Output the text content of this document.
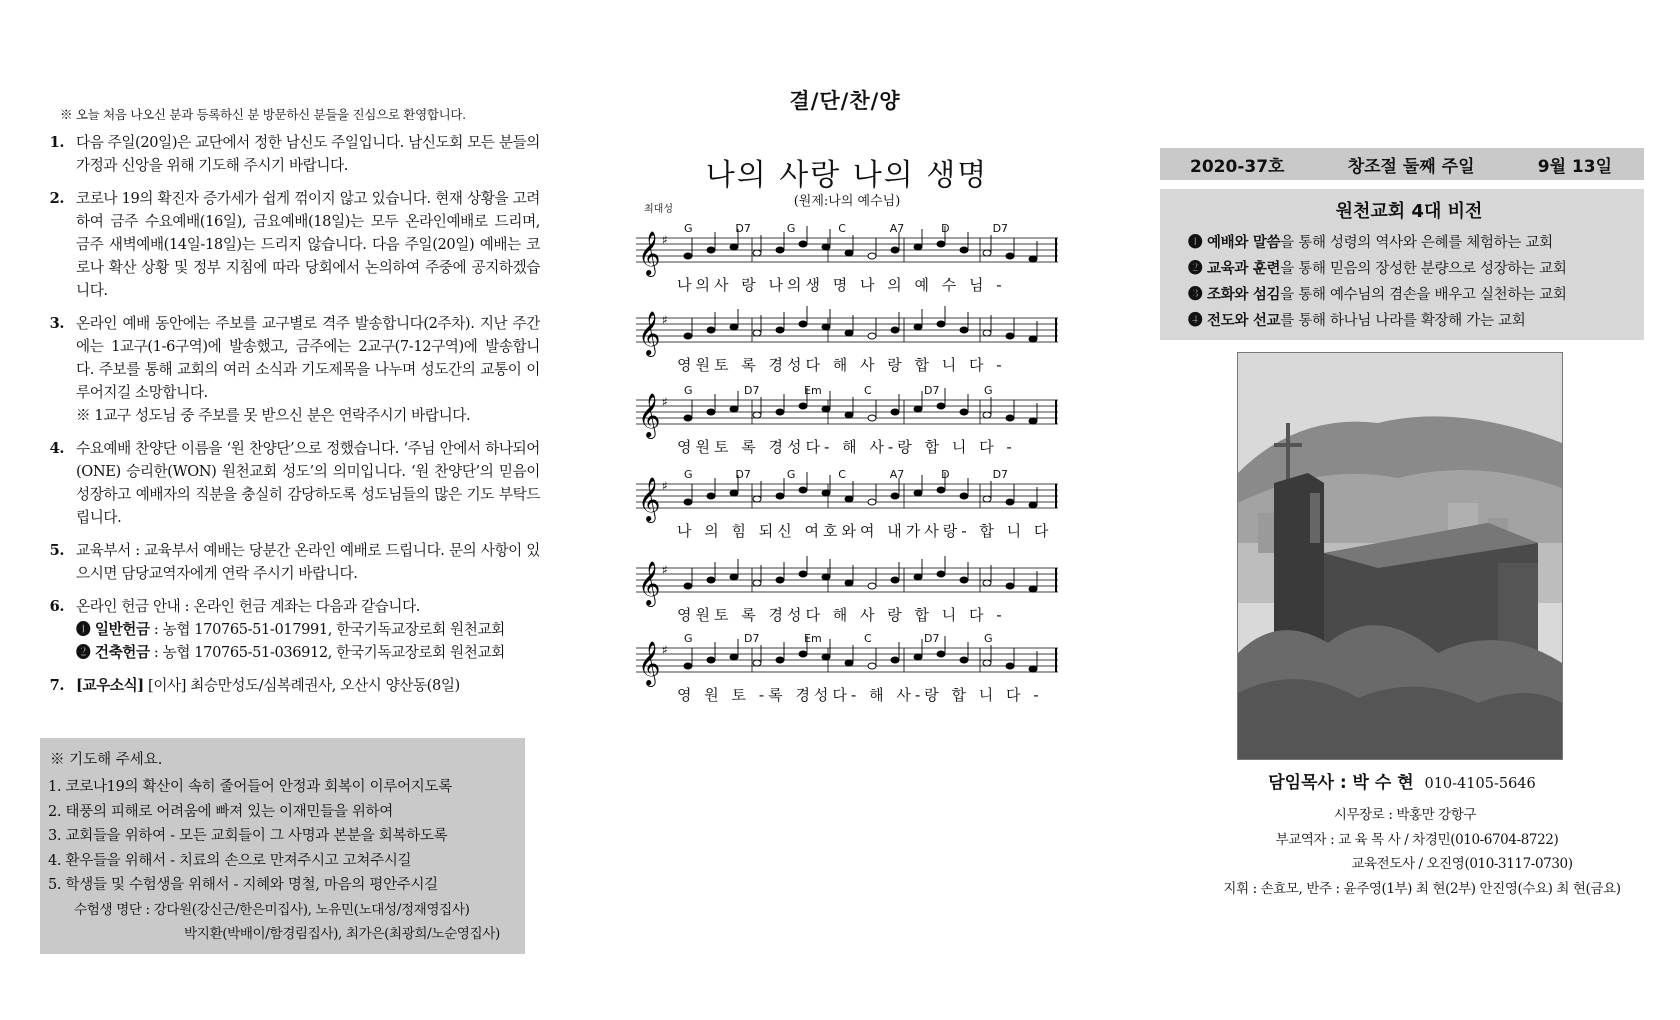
※ 오늘 처음 나오신 분과 등록하신 분 방문하신 분들을 진심으로 환영합니다.
1. 다음 주일(20일)은 교단에서 정한 남신도 주일입니다. 남신도회 모든 분들의 가정과 신앙을 위해 기도해 주시기 바랍니다.
2. 코로나 19의 확진자 증가세가 쉽게 꺾이지 않고 있습니다. 현재 상황을 고려하여 금주 수요예배(16일), 금요예배(18일)는 모두 온라인예배로 드리며, 금주 새벽예배(14일-18일)는 드리지 않습니다. 다음 주일(20일) 예배는 코로나 확산 상황 및 정부 지침에 따라 당회에서 논의하여 주중에 공지하겠습니다.
3. 온라인 예배 동안에는 주보를 교구별로 격주 발송합니다(2주차). 지난 주간에는 1교구(1-6구역)에 발송했고, 금주에는 2교구(7-12구역)에 발송합니다. 주보를 통해 교회의 여러 소식과 기도제목을 나누며 성도간의 교통이 이루어지길 소망합니다.
※ 1교구 성도님 중 주보를 못 받으신 분은 연락주시기 바랍니다.
4. 수요예배 찬양단 이름을 ‘원 찬양단’으로 정했습니다. ‘주님 안에서 하나되어(ONE) 승리한(WON) 원천교회 성도’의 의미입니다. ‘원 찬양단’의 믿음이 성장하고 예배자의 직분을 충실히 감당하도록 성도님들의 많은 기도 부탁드립니다.
5. 교육부서 : 교육부서 예배는 당분간 온라인 예배로 드립니다. 문의 사항이 있으시면 담당교역자에게 연락 주시기 바랍니다.
6. 온라인 헌금 안내 : 온라인 헌금 계좌는 다음과 같습니다.
❶ 일반헌금 : 농협 170765-51-017991, 한국기독교장로회 원천교회
❷ 건축헌금 : 농협 170765-51-036912, 한국기독교장로회 원천교회
7. [교우소식] [이사] 최승만성도/심복례권사, 오산시 양산동(8일)
※ 기도해 주세요.
1. 코로나19의 확산이 속히 줄어들어 안정과 회복이 이루어지도록
2. 태풍의 피해로 어려움에 빠져 있는 이재민들을 위하여
3. 교회들을 위하여 - 모든 교회들이 그 사명과 본분을 회복하도록
4. 환우들을 위해서 - 치료의 손으로 만져주시고 고쳐주시길
5. 학생들 및 수험생을 위해서 - 지혜와 명철, 마음의 평안주시길
수험생 명단 : 강다원(강신근/한은미집사), 노유민(노대성/정재영집사)
박지환(박배이/함경림집사), 최가은(최광희/노순영집사)
결/단/찬/양
나의 사랑 나의 생명
(원제:나의 예수님)
최대성
𝄞 ♯
𝄞 ♯
𝄞 ♯
𝄞 ♯
𝄞 ♯
𝄞 ♯
G	D7	G	C	A7	D	D7
나의사 랑 나의생 명 나 의 예 수 님 -
영원토 록 경성다 해 사 랑 합 니 다 -
G	D7	Em	C	D7	G
영원토 록 경성다- 해 사-랑 합 니 다 -
G	D7	G	C	A7	D	D7
나 의 힘 되신 여호와여 내가사랑- 합 니 다
영원토 록 경성다 해 사 랑 합 니 다 -
G	D7	Em	C	D7	G
영 원 토 -록 경성다- 해 사-랑 합 니 다 -
2020-37호	창조절 둘째 주일	9월 13일
원천교회 4대 비전

❶ 예배와 말씀을 통해 성령의 역사와 은혜를 체험하는 교회

❷ 교육과 훈련을 통해 믿음의 장성한 분량으로 성장하는 교회

❸ 조화와 섬김을 통해 예수님의 겸손을 배우고 실천하는 교회

❹ 전도와 선교를 통해 하나님 나라를 확장해 가는 교회

담임목사 : 박 수 현 010-4105-5646

시무장로 : 박홍만 강항구

부교역자 : 교 육 목 사 / 차경민(010-6704-8722)

교육전도사 / 오진영(010-3117-0730)

지휘 : 손효모, 반주 : 윤주영(1부) 최 현(2부) 안진영(수요) 최 현(금요)
